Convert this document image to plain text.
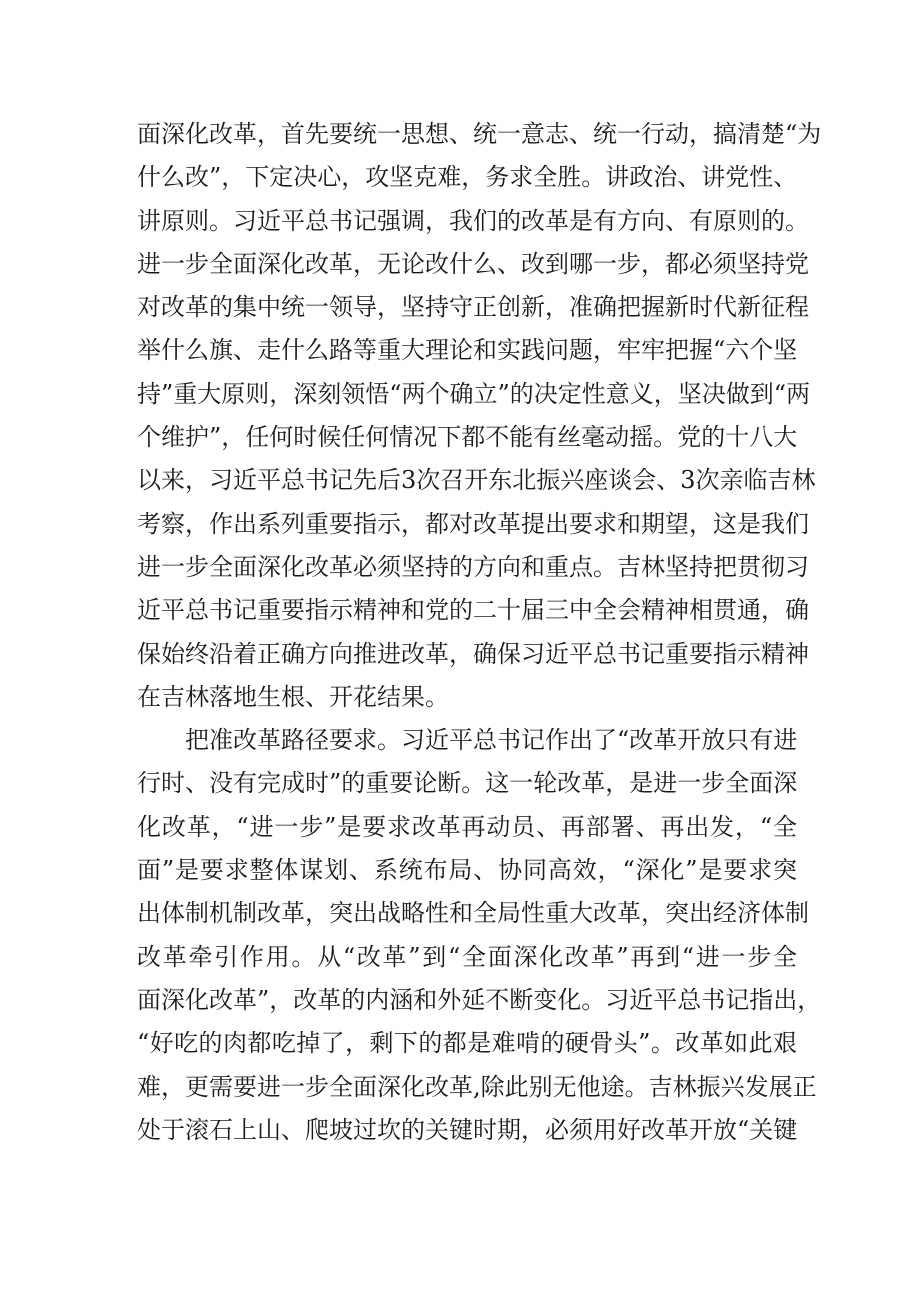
面深化改革，首先要统一思想、统一意志、统一行动，搞清楚“为
什么改”，下定决心，攻坚克难，务求全胜。讲政治、讲党性、
讲原则。习近平总书记强调，我们的改革是有方向、有原则的。
进一步全面深化改革，无论改什么、改到哪一步，都必须坚持党
对改革的集中统一领导，坚持守正创新，准确把握新时代新征程
举什么旗、走什么路等重大理论和实践问题，牢牢把握“六个坚
持”重大原则，深刻领悟“两个确立”的决定性意义，坚决做到“两
个维护”，任何时候任何情况下都不能有丝毫动摇。党的十八大
以来，习近平总书记先后3次召开东北振兴座谈会、3次亲临吉林
考察，作出系列重要指示，都对改革提出要求和期望，这是我们
进一步全面深化改革必须坚持的方向和重点。吉林坚持把贯彻习
近平总书记重要指示精神和党的二十届三中全会精神相贯通，确
保始终沿着正确方向推进改革，确保习近平总书记重要指示精神
在吉林落地生根、开花结果。
把准改革路径要求。习近平总书记作出了“改革开放只有进
行时、没有完成时”的重要论断。这一轮改革，是进一步全面深
化改革，“进一步”是要求改革再动员、再部署、再出发，“全
面”是要求整体谋划、系统布局、协同高效，“深化”是要求突
出体制机制改革，突出战略性和全局性重大改革，突出经济体制
改革牵引作用。从“改革”到“全面深化改革”再到“进一步全
面深化改革”，改革的内涵和外延不断变化。习近平总书记指出，
“好吃的肉都吃掉了，剩下的都是难啃的硬骨头”。改革如此艰
难，更需要进一步全面深化改革,除此别无他途。吉林振兴发展正
处于滚石上山、爬坡过坎的关键时期，必须用好改革开放“关键
